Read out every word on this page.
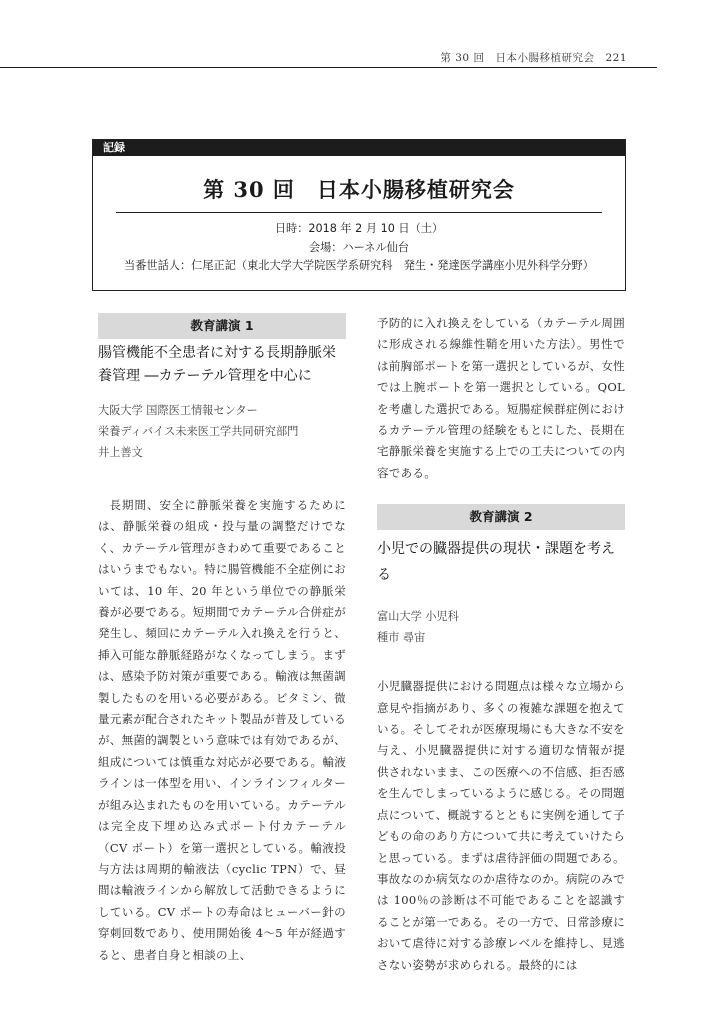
第 30 回　日本小腸移植研究会　 221
記録
第 30 回　日本小腸移植研究会
日時：2018 年 2 月 10 日（土）
会場：ハーネル仙台
当番世話人：仁尾正記（東北大学大学院医学系研究科　発生・発達医学講座小児外科学分野）
教育講演 1
腸管機能不全患者に対する長期静脈栄養管理 ―カテーテル管理を中心に
大阪大学 国際医工情報センター
栄養ディバイス未来医工学共同研究部門
井上善文
長期間、安全に静脈栄養を実施するためには、静脈栄養の組成・投与量の調整だけでなく、カテーテル管理がきわめて重要であることはいうまでもない。特に腸管機能不全症例においては、10 年、20 年という単位での静脈栄養が必要である。短期間でカテーテル合併症が発生し、頻回にカテーテル入れ換えを行うと、挿入可能な静脈経路がなくなってしまう。まずは、感染予防対策が重要である。輸液は無菌調製したものを用いる必要がある。ビタミン、微量元素が配合されたキット製品が普及しているが、無菌的調製という意味では有効であるが、組成については慎重な対応が必要である。輸液ラインは一体型を用い、インラインフィルターが組み込まれたものを用いている。カテーテルは完全皮下埋め込み式ポート付カテーテル（CV ポート）を第一選択としている。輸液投与方法は周期的輸液法（cyclic TPN）で、昼間は輸液ラインから解放して活動できるようにしている。CV ポートの寿命はヒューバー針の穿刺回数であり、使用開始後 4～5 年が経過すると、患者自身と相談の上、
予防的に入れ換えをしている（カテーテル周囲に形成される線維性鞘を用いた方法）。男性では前胸部ポートを第一選択としているが、女性では上腕ポートを第一選択としている。QOL を考慮した選択である。短腸症候群症例におけるカテーテル管理の経験をもとにした、長期在宅静脈栄養を実施する上での工夫についての内容である。
教育講演 2
小児での臓器提供の現状・課題を考える
富山大学 小児科
種市 尋宙
小児臓器提供における問題点は様々な立場から意見や指摘があり、多くの複雑な課題を抱えている。そしてそれが医療現場にも大きな不安を与え、小児臓器提供に対する適切な情報が提供されないまま、この医療への不信感、拒否感を生んでしまっているように感じる。その問題点について、概説するとともに実例を通して子どもの命のあり方について共に考えていけたらと思っている。まずは虐待評価の問題である。事故なのか病気なのか虐待なのか。病院のみでは 100％の診断は不可能であることを認識することが第一である。その一方で、日常診療において虐待に対する診療レベルを維持し、見逃さない姿勢が求められる。最終的には
